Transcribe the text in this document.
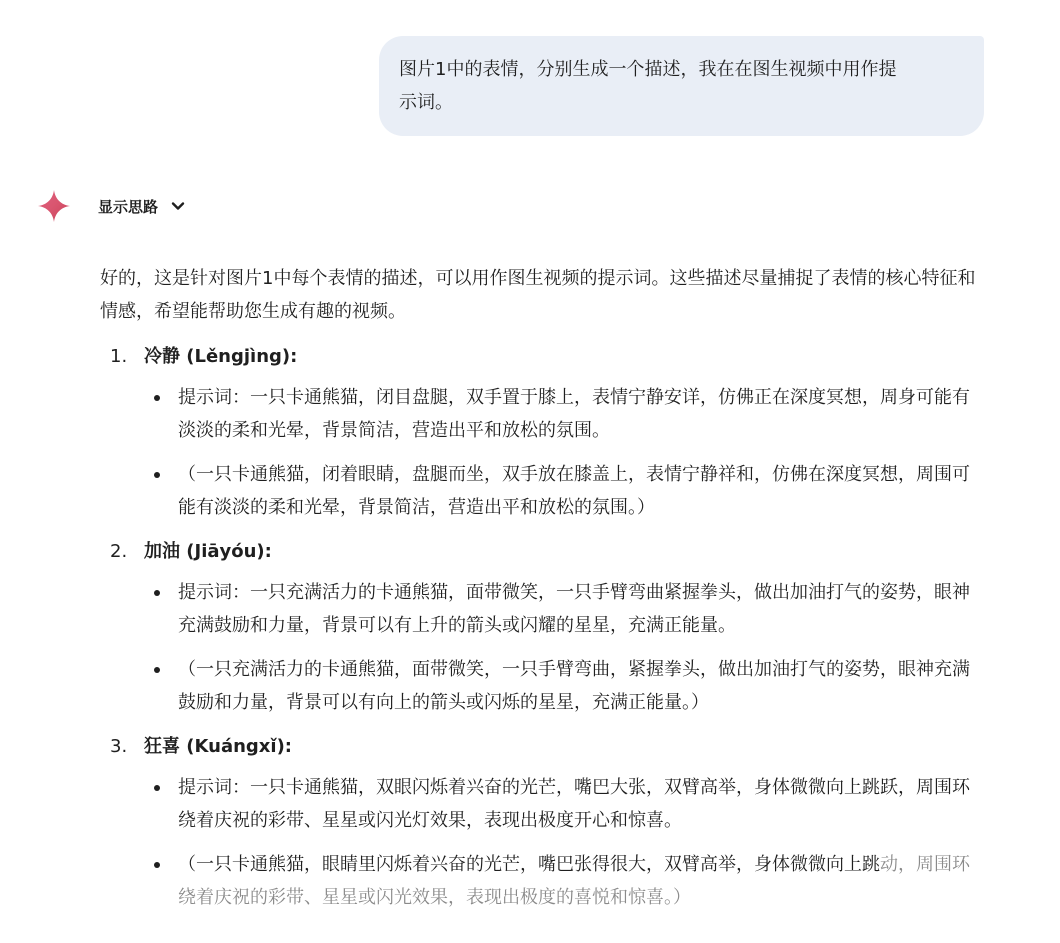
图片1中的表情，分别生成一个描述，我在在图生视频中用作提
示词。
显示思路

好的，这是针对图片1中每个表情的描述，可以用作图生视频的提示词。这些描述尽量捕捉了表情的核心特征和情感，希望能帮助您生成有趣的视频。

1. 冷静 (Lěngjìng):
提示词：一只卡通熊猫，闭目盘腿，双手置于膝上，表情宁静安详，仿佛正在深度冥想，周身可能有淡淡的柔和光晕，背景简洁，营造出平和放松的氛围。
（一只卡通熊猫，闭着眼睛，盘腿而坐，双手放在膝盖上，表情宁静祥和，仿佛在深度冥想，周围可能有淡淡的柔和光晕，背景简洁，营造出平和放松的氛围。）
2. 加油 (Jiāyóu):
提示词：一只充满活力的卡通熊猫，面带微笑，一只手臂弯曲紧握拳头，做出加油打气的姿势，眼神充满鼓励和力量，背景可以有上升的箭头或闪耀的星星，充满正能量。
（一只充满活力的卡通熊猫，面带微笑，一只手臂弯曲，紧握拳头，做出加油打气的姿势，眼神充满鼓励和力量，背景可以有向上的箭头或闪烁的星星，充满正能量。）
3. 狂喜 (Kuángxǐ):
提示词：一只卡通熊猫，双眼闪烁着兴奋的光芒，嘴巴大张，双臂高举，身体微微向上跳跃，周围环绕着庆祝的彩带、星星或闪光灯效果，表现出极度开心和惊喜。
（一只卡通熊猫，眼睛里闪烁着兴奋的光芒，嘴巴张得很大，双臂高举，身体微微向上跳动，周围环绕着庆祝的彩带、星星或闪光效果，表现出极度的喜悦和惊喜。）
